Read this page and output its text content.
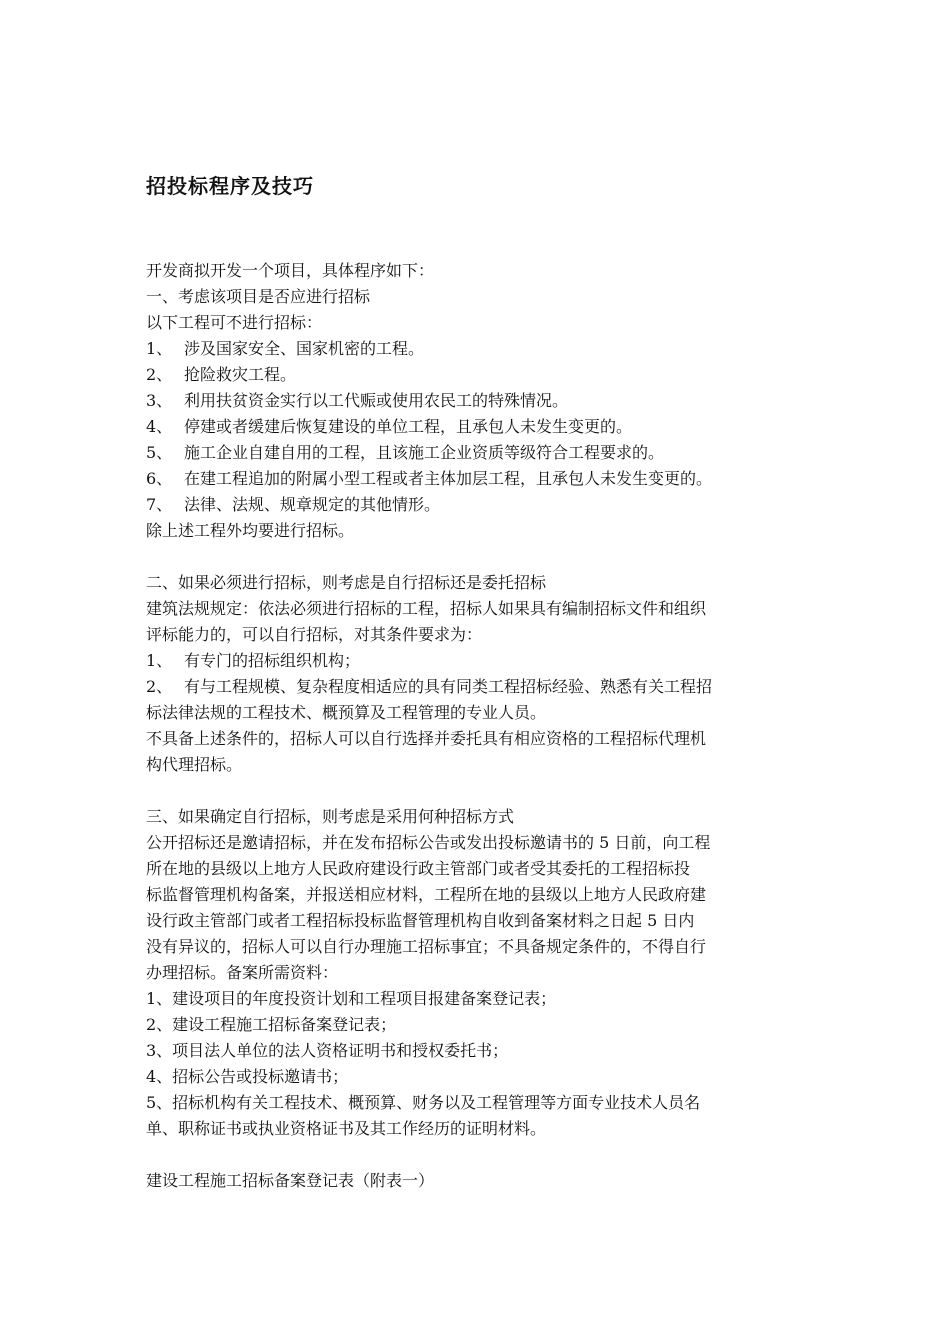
招投标程序及技巧
开发商拟开发一个项目，具体程序如下：
一、考虑该项目是否应进行招标
以下工程可不进行招标：
1、 涉及国家安全、国家机密的工程。
2、 抢险救灾工程。
3、 利用扶贫资金实行以工代赈或使用农民工的特殊情况。
4、 停建或者缓建后恢复建设的单位工程，且承包人未发生变更的。
5、 施工企业自建自用的工程，且该施工企业资质等级符合工程要求的。
6、 在建工程追加的附属小型工程或者主体加层工程，且承包人未发生变更的。
7、 法律、法规、规章规定的其他情形。
除上述工程外均要进行招标。
二、如果必须进行招标，则考虑是自行招标还是委托招标
建筑法规规定：依法必须进行招标的工程，招标人如果具有编制招标文件和组织
评标能力的，可以自行招标，对其条件要求为：
1、 有专门的招标组织机构；
2、 有与工程规模、复杂程度相适应的具有同类工程招标经验、熟悉有关工程招
标法律法规的工程技术、概预算及工程管理的专业人员。
不具备上述条件的，招标人可以自行选择并委托具有相应资格的工程招标代理机
构代理招标。
三、如果确定自行招标，则考虑是采用何种招标方式
公开招标还是邀请招标，并在发布招标公告或发出投标邀请书的 5 日前，向工程
所在地的县级以上地方人民政府建设行政主管部门或者受其委托的工程招标投
标监督管理机构备案，并报送相应材料，工程所在地的县级以上地方人民政府建
设行政主管部门或者工程招标投标监督管理机构自收到备案材料之日起 5 日内
没有异议的，招标人可以自行办理施工招标事宜；不具备规定条件的，不得自行
办理招标。备案所需资料：
1、建设项目的年度投资计划和工程项目报建备案登记表；
2、建设工程施工招标备案登记表；
3、项目法人单位的法人资格证明书和授权委托书；
4、招标公告或投标邀请书；
5、招标机构有关工程技术、概预算、财务以及工程管理等方面专业技术人员名
单、职称证书或执业资格证书及其工作经历的证明材料。
建设工程施工招标备案登记表（附表一）
